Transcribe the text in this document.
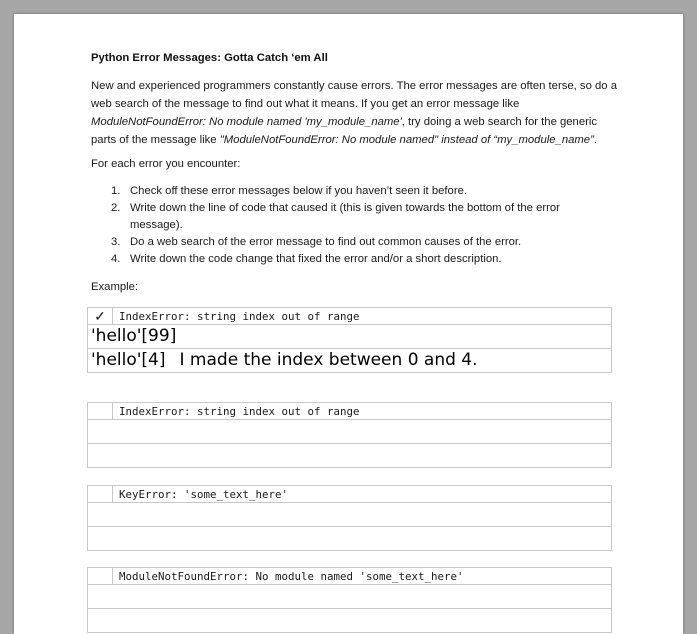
Python Error Messages: Gotta Catch ‘em All
New and experienced programmers constantly cause errors. The error messages are often terse, so do a
web search of the message to find out what it means. If you get an error message like
ModuleNotFoundError: No module named 'my_module_name', try doing a web search for the generic
parts of the message like "ModuleNotFoundError: No module named" instead of “my_module_name”.
For each error you encounter:
1. Check off these error messages below if you haven’t seen it before.
2. Write down the line of code that caused it (this is given towards the bottom of the error
message).
3. Do a web search of the error message to find out common causes of the error.
4. Write down the code change that fixed the error and/or a short description.
Example:
✓	IndexError: string index out of range
'hello'[99]
'hello'[4] I made the index between 0 and 4.
IndexError: string index out of range
KeyError: 'some_text_here'
ModuleNotFoundError: No module named 'some_text_here'
